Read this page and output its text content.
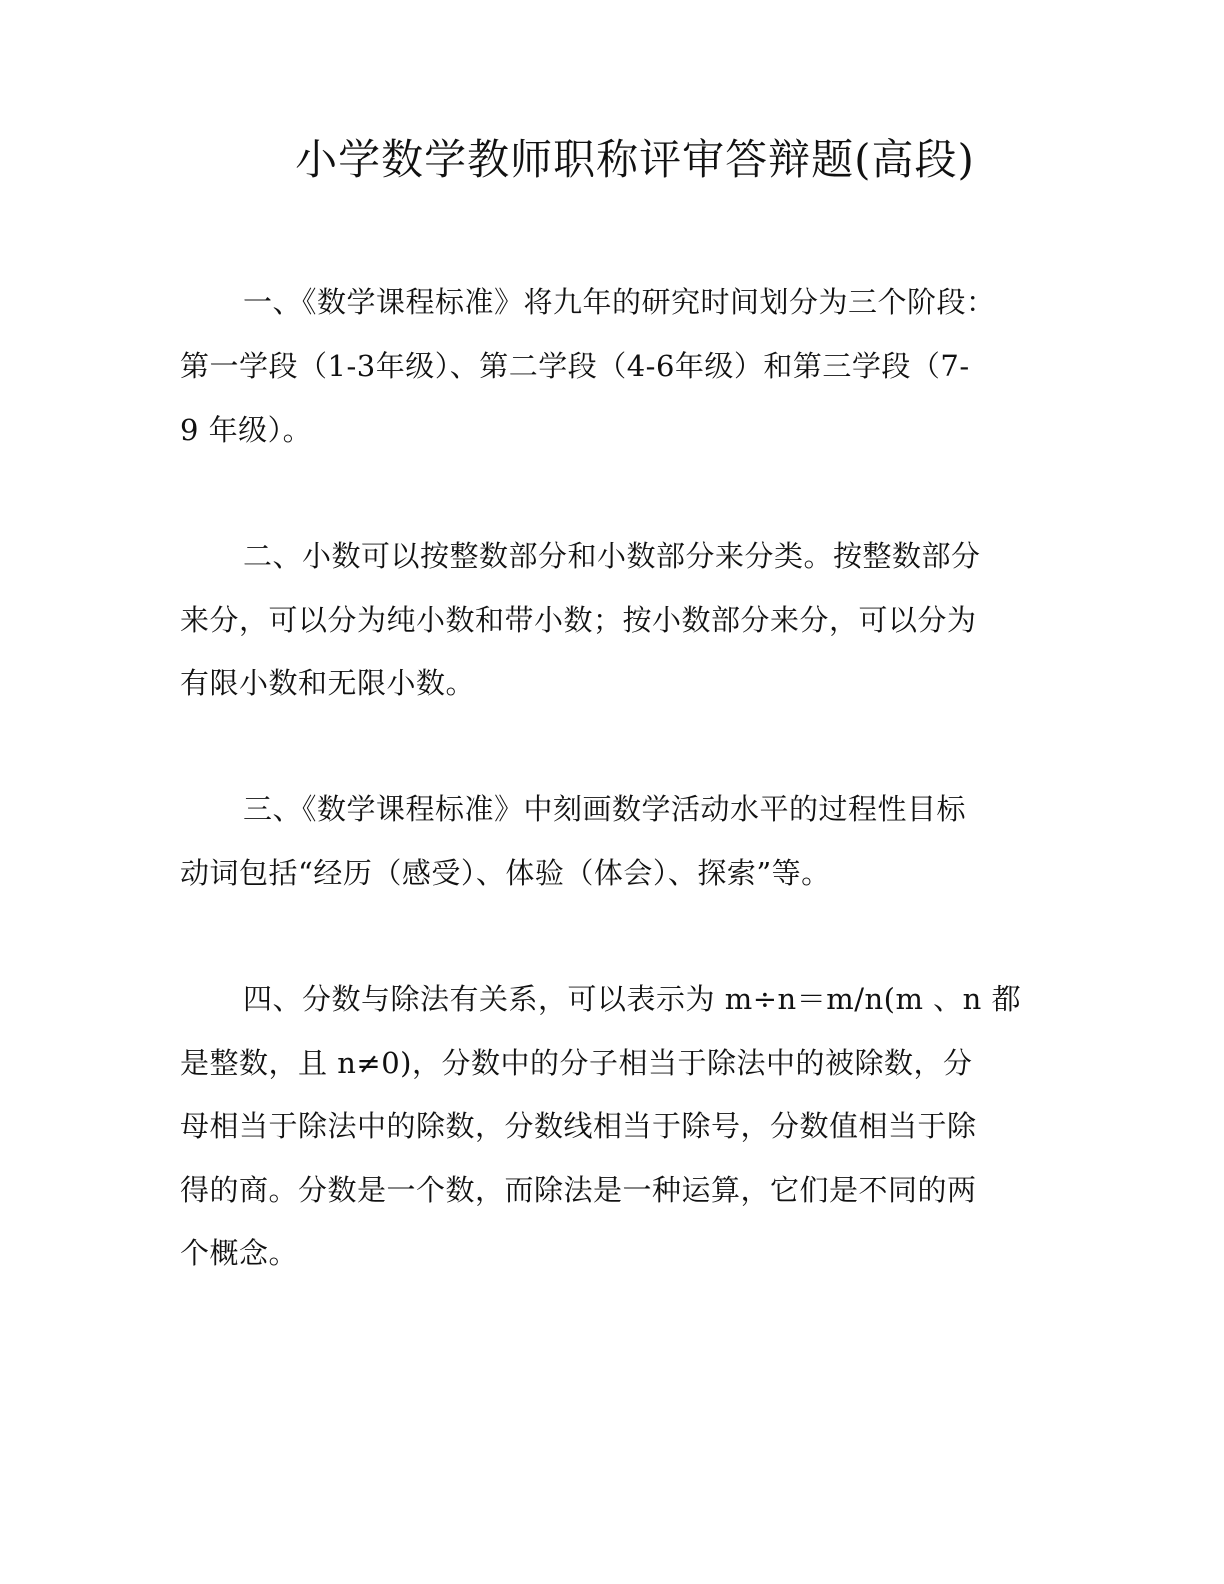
小学数学教师职称评审答辩题(高段)
一、《数学课程标准》将九年的研究时间划分为三个阶段：
第一学段（1-3年级）、第二学段（4-6年级）和第三学段（7-
9 年级）。
二、小数可以按整数部分和小数部分来分类。按整数部分
来分，可以分为纯小数和带小数；按小数部分来分，可以分为
有限小数和无限小数。
三、《数学课程标准》中刻画数学活动水平的过程性目标
动词包括“经历（感受）、体验（体会）、探索”等。
四、分数与除法有关系，可以表示为 m÷n＝m/n(m 、n 都
是整数，且 n≠0)，分数中的分子相当于除法中的被除数，分
母相当于除法中的除数，分数线相当于除号，分数值相当于除
得的商。分数是一个数，而除法是一种运算，它们是不同的两
个概念。
